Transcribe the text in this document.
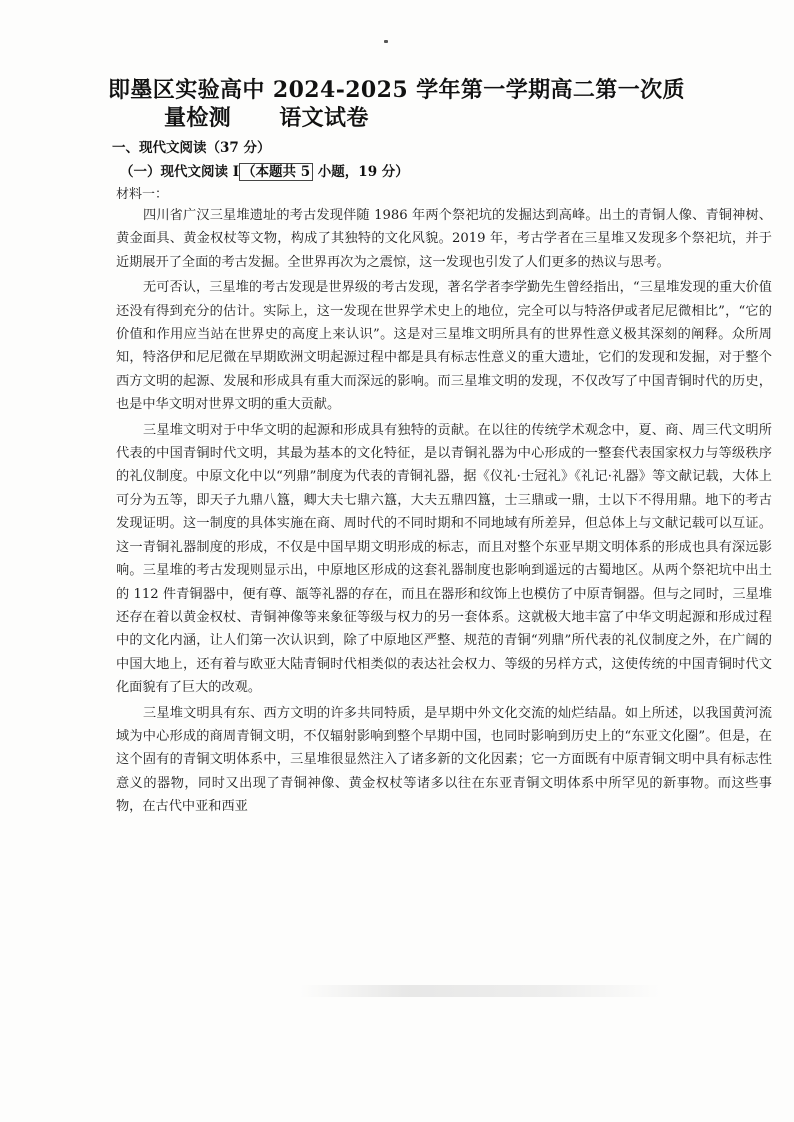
即墨区实验高中 2024-2025 学年第一学期高二第一次质
量检测 语文试卷
一、现代文阅读（37 分）
（一）现代文阅读 I （本题共 5 小题，19 分）
材料一：

四川省广汉三星堆遗址的考古发现伴随 1986 年两个祭祀坑的发掘达到高峰。出土的青铜人像、青铜神树、黄金面具、黄金权杖等文物，构成了其独特的文化风貌。2019 年，考古学者在三星堆又发现多个祭祀坑，并于近期展开了全面的考古发掘。全世界再次为之震惊，这一发现也引发了人们更多的热议与思考。

无可否认，三星堆的考古发现是世界级的考古发现，著名学者李学勤先生曾经指出，“三星堆发现的重大价值还没有得到充分的估计。实际上，这一发现在世界学术史上的地位，完全可以与特洛伊或者尼尼微相比”，“它的价值和作用应当站在世界史的高度上来认识”。这是对三星堆文明所具有的世界性意义极其深刻的阐释。众所周知，特洛伊和尼尼微在早期欧洲文明起源过程中都是具有标志性意义的重大遗址，它们的发现和发掘，对于整个西方文明的起源、发展和形成具有重大而深远的影响。而三星堆文明的发现，不仅改写了中国青铜时代的历史，也是中华文明对世界文明的重大贡献。

三星堆文明对于中华文明的起源和形成具有独特的贡献。在以往的传统学术观念中，夏、商、周三代文明所代表的中国青铜时代文明，其最为基本的文化特征，是以青铜礼器为中心形成的一整套代表国家权力与等级秩序的礼仪制度。中原文化中以“列鼎”制度为代表的青铜礼器，据《仪礼·士冠礼》《礼记·礼器》等文献记载，大体上可分为五等，即天子九鼎八簋，卿大夫七鼎六簋，大夫五鼎四簋，士三鼎或一鼎，士以下不得用鼎。地下的考古发现证明。这一制度的具体实施在商、周时代的不同时期和不同地域有所差异，但总体上与文献记载可以互证。这一青铜礼器制度的形成，不仅是中国早期文明形成的标志，而且对整个东亚早期文明体系的形成也具有深远影响。三星堆的考古发现则显示出，中原地区形成的这套礼器制度也影响到遥远的古蜀地区。从两个祭祀坑中出土的 112 件青铜器中，便有尊、瓿等礼器的存在，而且在器形和纹饰上也模仿了中原青铜器。但与之同时，三星堆还存在着以黄金权杖、青铜神像等来象征等级与权力的另一套体系。这就极大地丰富了中华文明起源和形成过程中的文化内涵，让人们第一次认识到，除了中原地区严整、规范的青铜“列鼎”所代表的礼仪制度之外，在广阔的中国大地上，还有着与欧亚大陆青铜时代相类似的表达社会权力、等级的另样方式，这使传统的中国青铜时代文化面貌有了巨大的改观。

三星堆文明具有东、西方文明的许多共同特质，是早期中外文化交流的灿烂结晶。如上所述，以我国黄河流域为中心形成的商周青铜文明，不仅辐射影响到整个早期中国，也同时影响到历史上的“东亚文化圈”。但是，在这个固有的青铜文明体系中，三星堆很显然注入了诸多新的文化因素；它一方面既有中原青铜文明中具有标志性意义的器物，同时又出现了青铜神像、黄金权杖等诸多以往在东亚青铜文明体系中所罕见的新事物。而这些事物，在古代中亚和西亚
